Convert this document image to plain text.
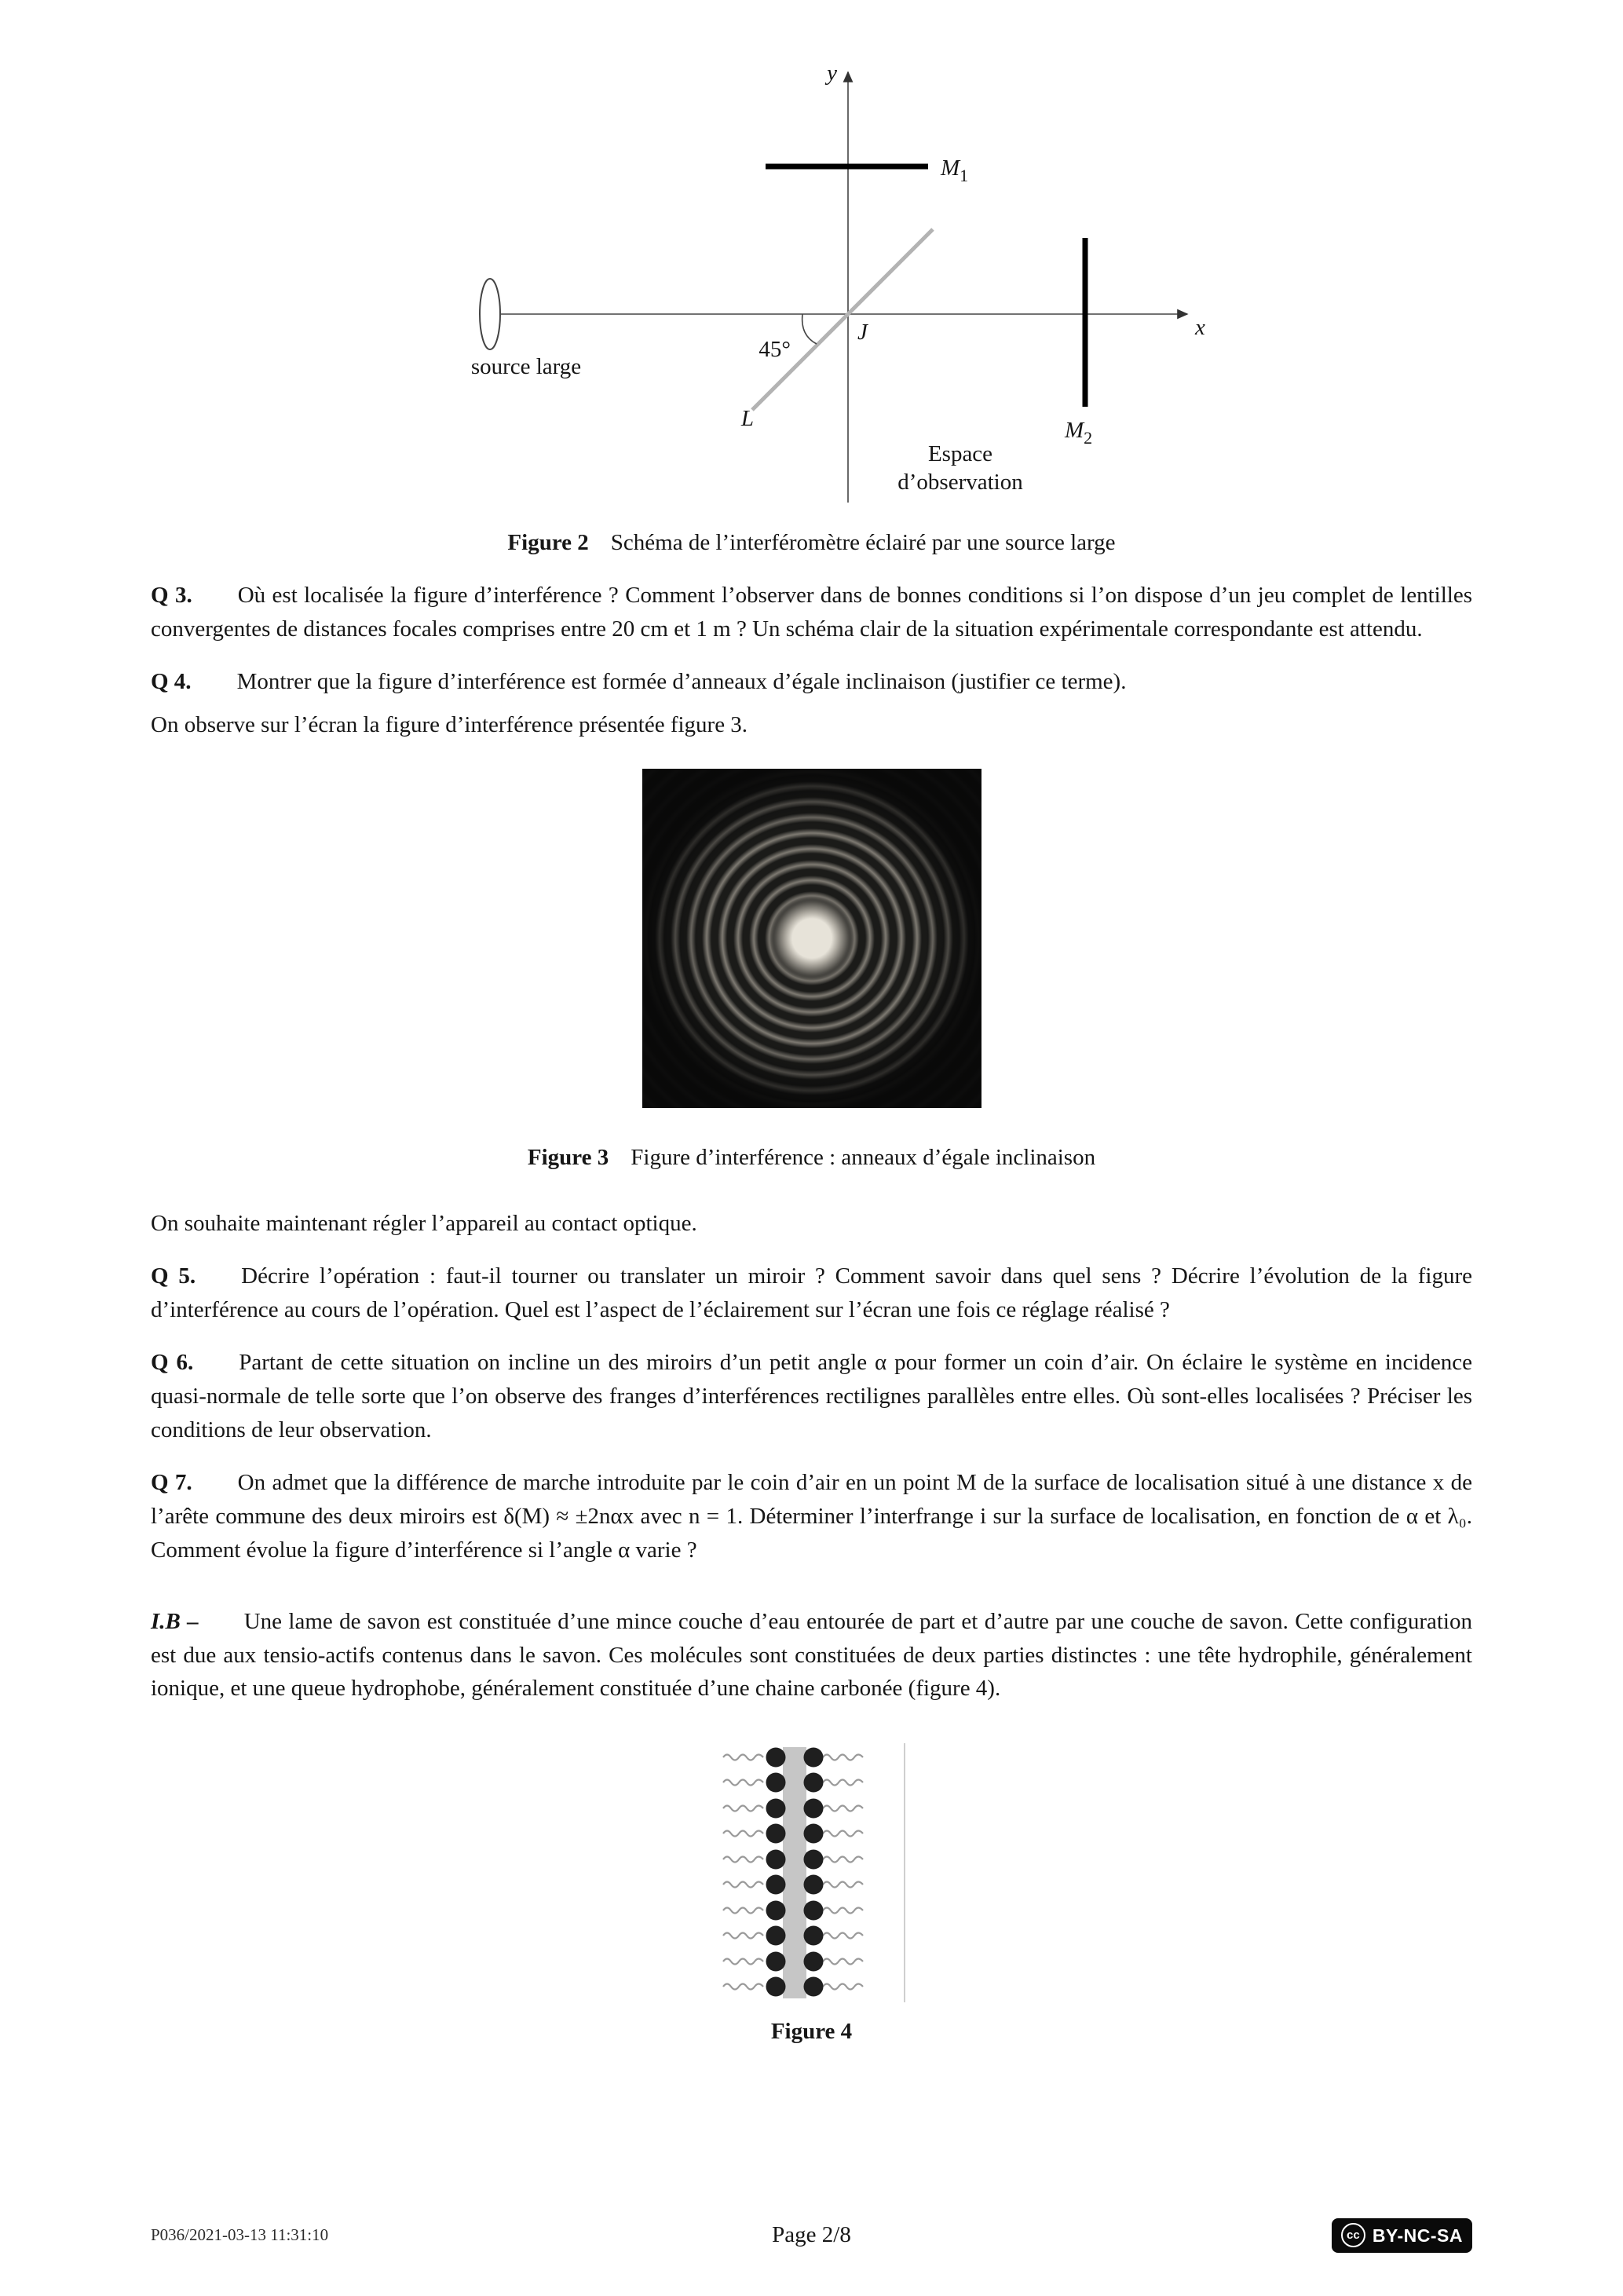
y
x
$M_1$
$M_2$
J
L
45°
source large
Espace
d’observation

Figure 2 Schéma de l’interféromètre éclairé par une source large

Q 3. Où est localisée la figure d’interférence ? Comment l’observer dans de bonnes conditions si l’on dispose d’un jeu complet de lentilles convergentes de distances focales comprises entre 20 cm et 1 m ? Un schéma clair de la situation expérimentale correspondante est attendu.

Q 4. Montrer que la figure d’interférence est formée d’anneaux d’égale inclinaison (justifier ce terme).

On observe sur l’écran la figure d’interférence présentée figure 3.

Figure 3 Figure d’interférence : anneaux d’égale inclinaison

On souhaite maintenant régler l’appareil au contact optique.

Q 5. Décrire l’opération : faut-il tourner ou translater un miroir ? Comment savoir dans quel sens ? Décrire l’évolution de la figure d’interférence au cours de l’opération. Quel est l’aspect de l’éclairement sur l’écran une fois ce réglage réalisé ?

Q 6. Partant de cette situation on incline un des miroirs d’un petit angle α pour former un coin d’air. On éclaire le système en incidence quasi-normale de telle sorte que l’on observe des franges d’interférences rectilignes parallèles entre elles. Où sont-elles localisées ? Préciser les conditions de leur observation.

Q 7. On admet que la différence de marche introduite par le coin d’air en un point M de la surface de localisation situé à une distance x de l’arête commune des deux miroirs est δ(M) ≈ ±2nαx avec n = 1. Déterminer l’interfrange i sur la surface de localisation, en fonction de α et λ₀. Comment évolue la figure d’interférence si l’angle α varie ?

I.B – Une lame de savon est constituée d’une mince couche d’eau entourée de part et d’autre par une couche de savon. Cette configuration est due aux tensio-actifs contenus dans le savon. Ces molécules sont constituées de deux parties distinctes : une tête hydrophile, généralement ionique, et une queue hydrophobe, généralement constituée d’une chaine carbonée (figure 4).

Figure 4

P036/2021-03-13 11:31:10	Page 2/8	cc BY-NC-SA
